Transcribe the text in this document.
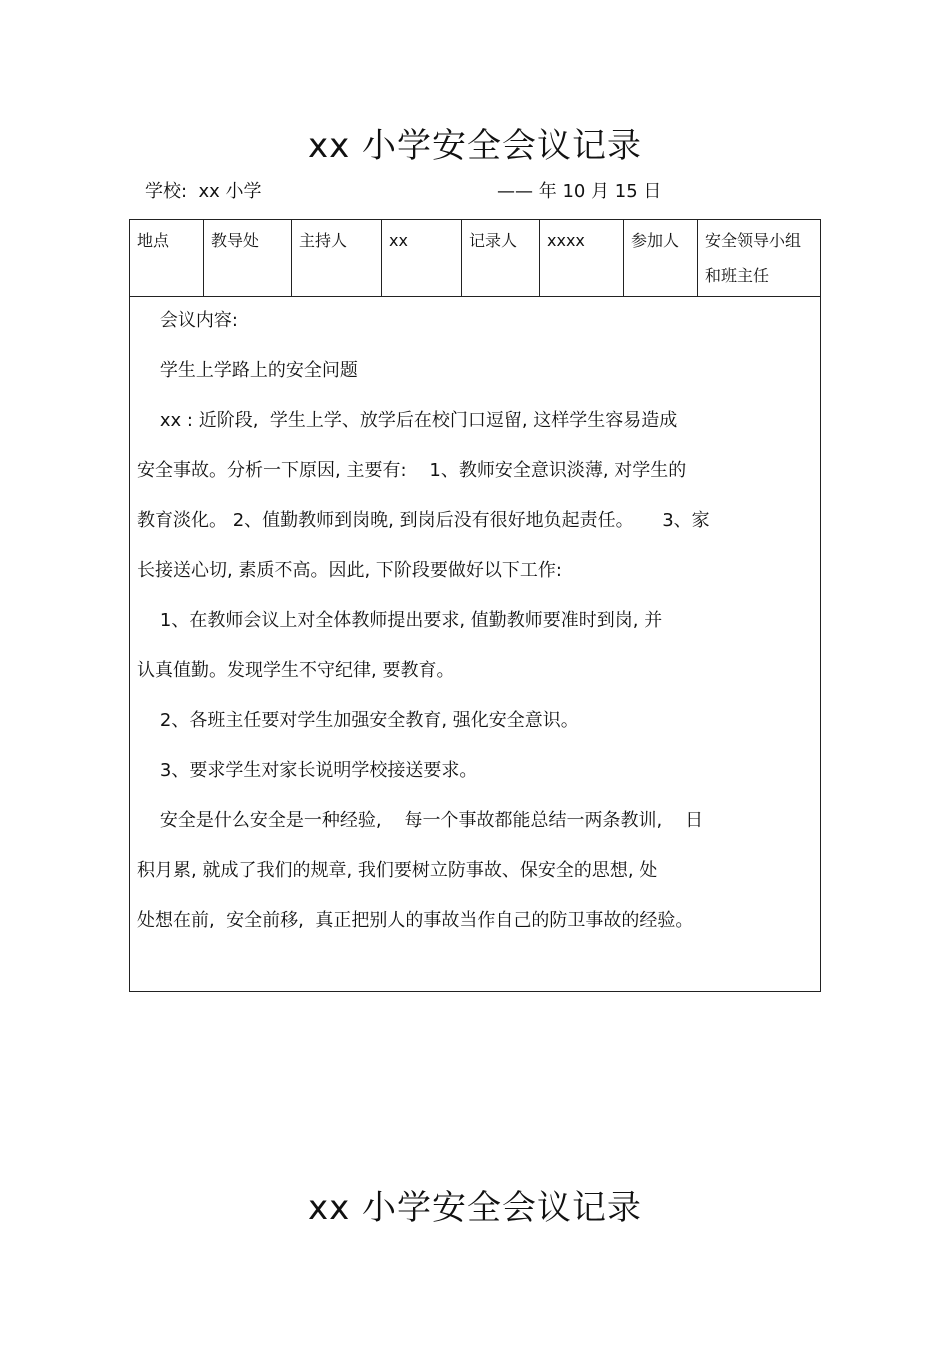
xx 小学安全会议记录
学校: xx 小学	—— 年 10 月 15 日
地点	教导处	主持人	xx	记录人	xxxx	参加人	安全领导小组和班主任
会议内容:
学生上学路上的安全问题
xx : 近阶段,  学生上学、放学后在校门口逗留, 这样学生容易造成
安全事故。分析一下原因, 主要有:    1、教师安全意识淡薄, 对学生的
教育淡化。 2、值勤教师到岗晚, 到岗后没有很好地负起责任。     3、家
长接送心切, 素质不高。因此, 下阶段要做好以下工作:
1、在教师会议上对全体教师提出要求, 值勤教师要准时到岗, 并
认真值勤。发现学生不守纪律, 要教育。
2、各班主任要对学生加强安全教育, 强化安全意识。
3、要求学生对家长说明学校接送要求。
安全是什么安全是一种经验,    每一个事故都能总结一两条教训,    日
积月累, 就成了我们的规章, 我们要树立防事故、保安全的思想, 处
处想在前,  安全前移,  真正把别人的事故当作自己的防卫事故的经验。
xx 小学安全会议记录
